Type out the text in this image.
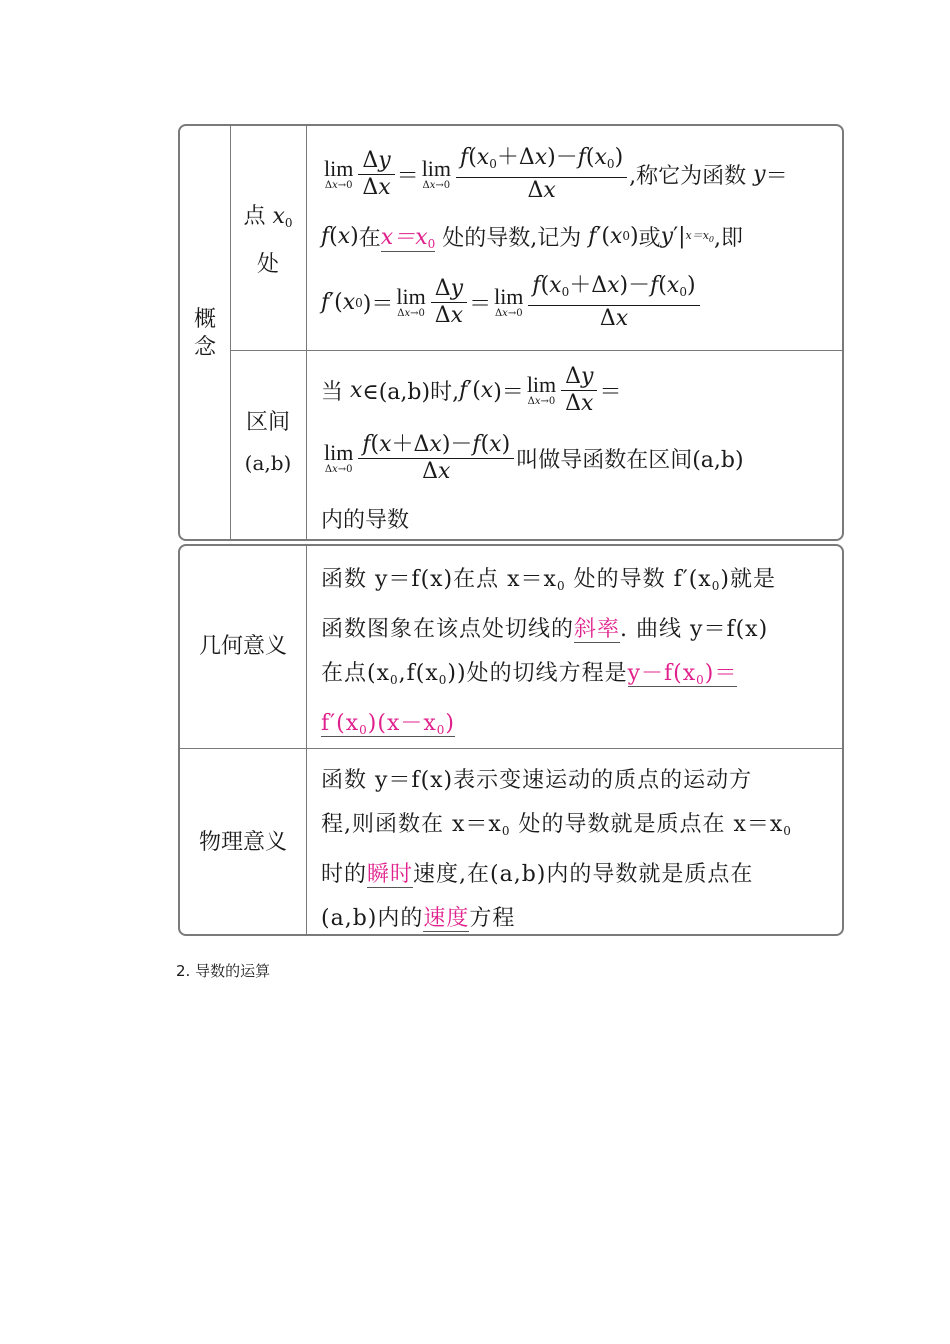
概念
点 $x_0$
处
区间
(a,b)
lim
$\Delta x\to 0 \frac{\Delta y}{\Delta x} = \lim$
$\Delta x\to 0 \frac{f(x_0+\Delta x)-f(x_0)}{\Delta x}$ ,称它为函数 y ＝
f ( x ) 在 $x=x_0$
处的导数,记为 f ′( x 0 ) 或 y ′| $x=x_0$ ,即
f ′( x 0 )＝ lim
$\Delta x\to 0 \frac{\Delta y}{\Delta x} = \lim$
$\Delta x\to 0 \frac{f(x_0+\Delta x)-f(x_0)}{\Delta x}$
当 x ∈(a,b)时, f ′( x )＝ lim
$\Delta x\to 0 \frac{\Delta y}{\Delta x}$ ＝
lim
$\Delta x\to 0 \frac{f(x+\Delta x)-f(x)}{\Delta x}$ 叫做导函数在区间(a,b)
内的导数
几何意义
物理意义
函数 y＝f(x)在点 $x=x_0$ 处的导数 $f'(x_0)$就是
函数图象在该点处切线的斜率. 曲线 y＝f(x)
在点$(x_0,f(x_0))$处的切线方程是$y-f(x_0)=$
$f'(x_0)(x-x_0)$
函数 y＝f(x)表示变速运动的质点的运动方
程,则函数在 $x=x_0$ 处的导数就是质点在 $x=x_0$
时的瞬时速度,在(a,b)内的导数就是质点在
(a,b)内的速度方程
2. 导数的运算
